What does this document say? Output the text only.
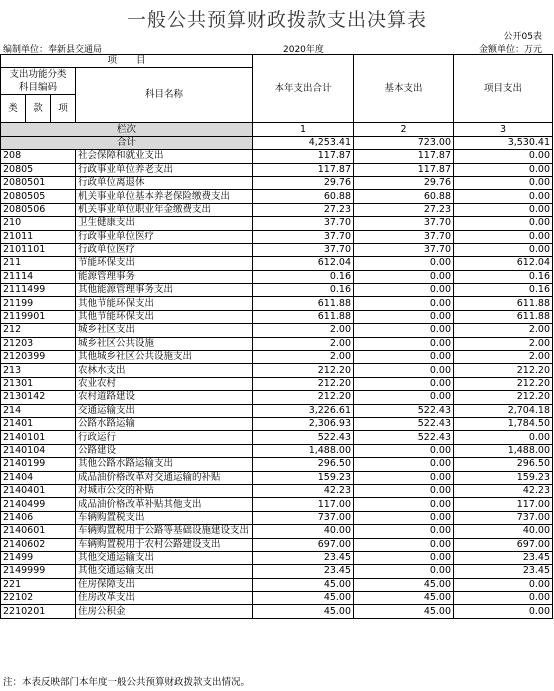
一般公共预算财政拨款支出决算表
公开05表
编制单位：奉新县交通局	2020年度	金额单位：万元
项　　目				本年支出合计	基本支出	项目支出
支出功能分类
科目编码			科目名称			

类	款	项				
栏次				1	2	3
合计				4,253.41	723.00	3,530.41
208			社会保障和就业支出	117.87	117.87	0.00
20805			行政事业单位养老支出	117.87	117.87	0.00
2080501			行政单位离退休	29.76	29.76	0.00
2080505			机关事业单位基本养老保险缴费支出	60.88	60.88	0.00
2080506			机关事业单位职业年金缴费支出	27.23	27.23	0.00
210			卫生健康支出	37.70	37.70	0.00
21011			行政事业单位医疗	37.70	37.70	0.00
2101101			行政单位医疗	37.70	37.70	0.00
211			节能环保支出	612.04	0.00	612.04
21114			能源管理事务	0.16	0.00	0.16
2111499			其他能源管理事务支出	0.16	0.00	0.16
21199			其他节能环保支出	611.88	0.00	611.88
2119901			其他节能环保支出	611.88	0.00	611.88
212			城乡社区支出	2.00	0.00	2.00
21203			城乡社区公共设施	2.00	0.00	2.00
2120399			其他城乡社区公共设施支出	2.00	0.00	2.00
213			农林水支出	212.20	0.00	212.20
21301			农业农村	212.20	0.00	212.20
2130142			农村道路建设	212.20	0.00	212.20
214			交通运输支出	3,226.61	522.43	2,704.18
21401			公路水路运输	2,306.93	522.43	1,784.50
2140101			行政运行	522.43	522.43	0.00
2140104			公路建设	1,488.00	0.00	1,488.00
2140199			其他公路水路运输支出	296.50	0.00	296.50
21404			成品油价格改革对交通运输的补贴	159.23	0.00	159.23
2140401			对城市公交的补贴	42.23	0.00	42.23
2140499			成品油价格改革补贴其他支出	117.00	0.00	117.00
21406			车辆购置税支出	737.00	0.00	737.00
2140601			车辆购置税用于公路等基础设施建设支出	40.00	0.00	40.00
2140602			车辆购置税用于农村公路建设支出	697.00	0.00	697.00
21499			其他交通运输支出	23.45	0.00	23.45
2149999			其他交通运输支出	23.45	0.00	23.45
221			住房保障支出	45.00	45.00	0.00
22102			住房改革支出	45.00	45.00	0.00
2210201			住房公积金	45.00	45.00	0.00
注：本表反映部门本年度一般公共预算财政拨款支出情况。
